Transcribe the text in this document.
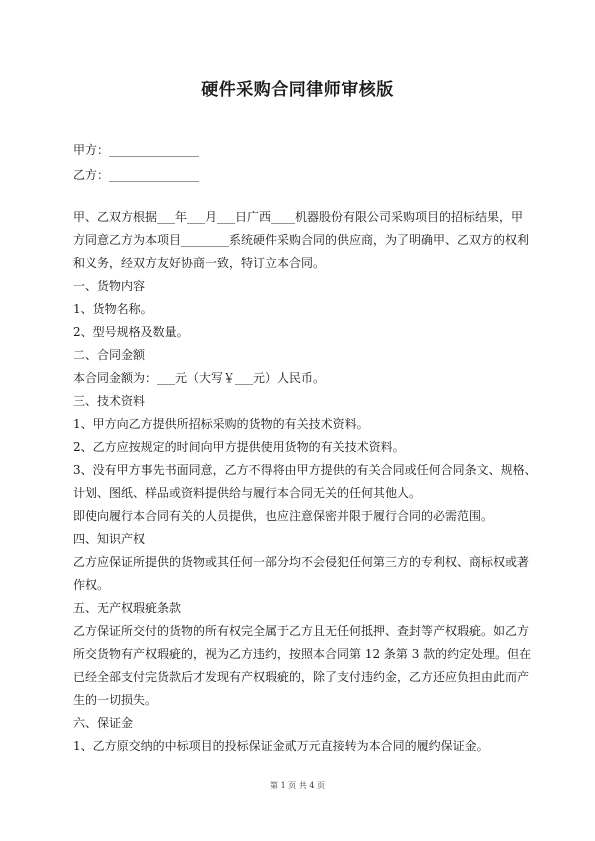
硬件采购合同律师审核版
甲方：_______________
乙方：_______________

甲、乙双方根据___年___月___日广西____机器股份有限公司采购项目的招标结果，甲

方同意乙方为本项目________系统硬件采购合同的供应商，为了明确甲、乙双方的权利

和义务，经双方友好协商一致，特订立本合同。

一、货物内容

1、货物名称。

2、型号规格及数量。

二、合同金额

本合同金额为：___元（大写￥___元）人民币。

三、技术资料

1、甲方向乙方提供所招标采购的货物的有关技术资料。

2、乙方应按规定的时间向甲方提供使用货物的有关技术资料。

3、没有甲方事先书面同意，乙方不得将由甲方提供的有关合同或任何合同条文、规格、

计划、图纸、样品或资料提供给与履行本合同无关的任何其他人。

即使向履行本合同有关的人员提供，也应注意保密并限于履行合同的必需范围。

四、知识产权

乙方应保证所提供的货物或其任何一部分均不会侵犯任何第三方的专利权、商标权或著

作权。

五、无产权瑕疵条款

乙方保证所交付的货物的所有权完全属于乙方且无任何抵押、查封等产权瑕疵。如乙方

所交货物有产权瑕疵的，视为乙方违约，按照本合同第 12 条第 3 款的约定处理。但在

已经全部支付完货款后才发现有产权瑕疵的，除了支付违约金，乙方还应负担由此而产

生的一切损失。

六、保证金

1、乙方原交纳的中标项目的投标保证金贰万元直接转为本合同的履约保证金。

第 1 页 共 4 页
